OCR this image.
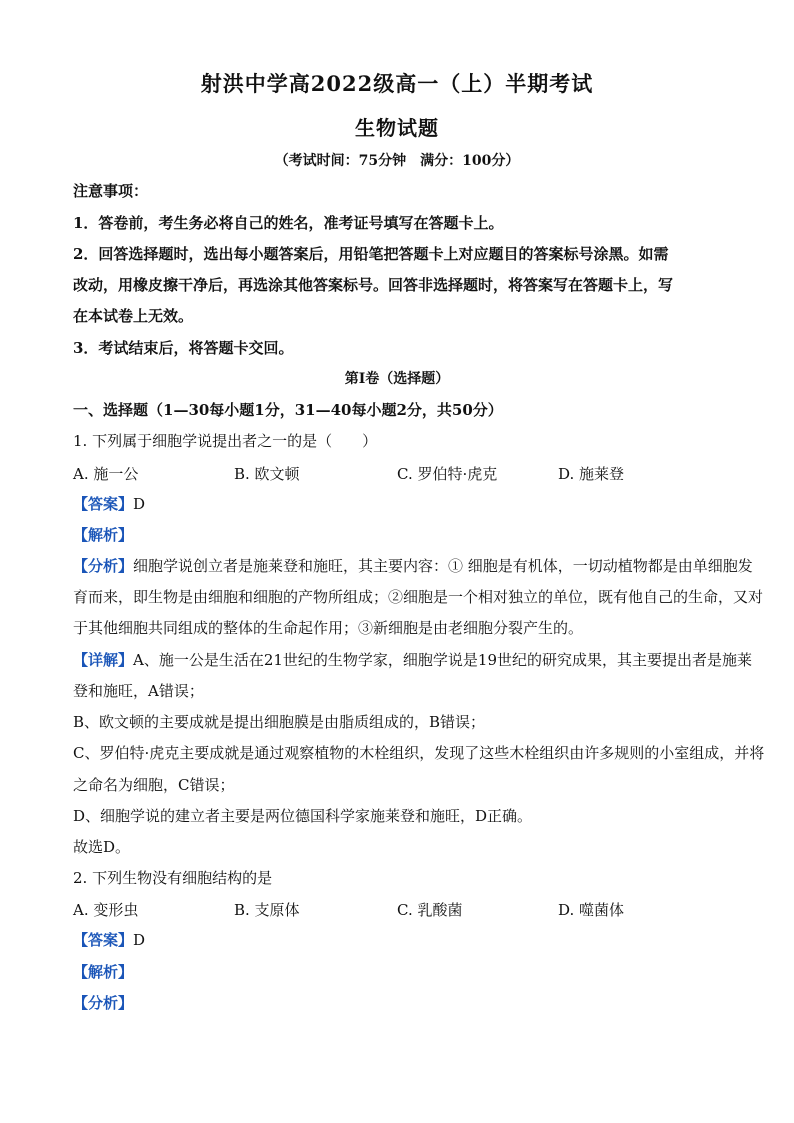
射洪中学高2022级高一（上）半期考试
生物试题
（考试时间：75分钟　满分：100分）
注意事项：
1．答卷前，考生务必将自己的姓名，准考证号填写在答题卡上。
2．回答选择题时，选出每小题答案后，用铅笔把答题卡上对应题目的答案标号涂黑。如需
改动，用橡皮擦干净后，再选涂其他答案标号。回答非选择题时，将答案写在答题卡上，写
在本试卷上无效。
3．考试结束后，将答题卡交回。
第I卷（选择题）
一、选择题（1—30每小题1分，31—40每小题2分，共50分）
1. 下列属于细胞学说提出者之一的是（　　）
A. 施一公	B. 欧文顿	C. 罗伯特·虎克	D. 施莱登
【答案】D
【解析】
【分析】细胞学说创立者是施莱登和施旺，其主要内容：① 细胞是有机体，一切动植物都是由单细胞发
育而来，即生物是由细胞和细胞的产物所组成；②细胞是一个相对独立的单位，既有他自己的生命，又对
于其他细胞共同组成的整体的生命起作用；③新细胞是由老细胞分裂产生的。
【详解】A、施一公是生活在21世纪的生物学家，细胞学说是19世纪的研究成果，其主要提出者是施莱
登和施旺，A错误；
B、欧文顿的主要成就是提出细胞膜是由脂质组成的，B错误；
C、罗伯特·虎克主要成就是通过观察植物的木栓组织，发现了这些木栓组织由许多规则的小室组成，并将
之命名为细胞，C错误；
D、细胞学说的建立者主要是两位德国科学家施莱登和施旺，D正确。
故选D。
2. 下列生物没有细胞结构的是
A. 变形虫	B. 支原体	C. 乳酸菌	D. 噬菌体
【答案】D
【解析】
【分析】
